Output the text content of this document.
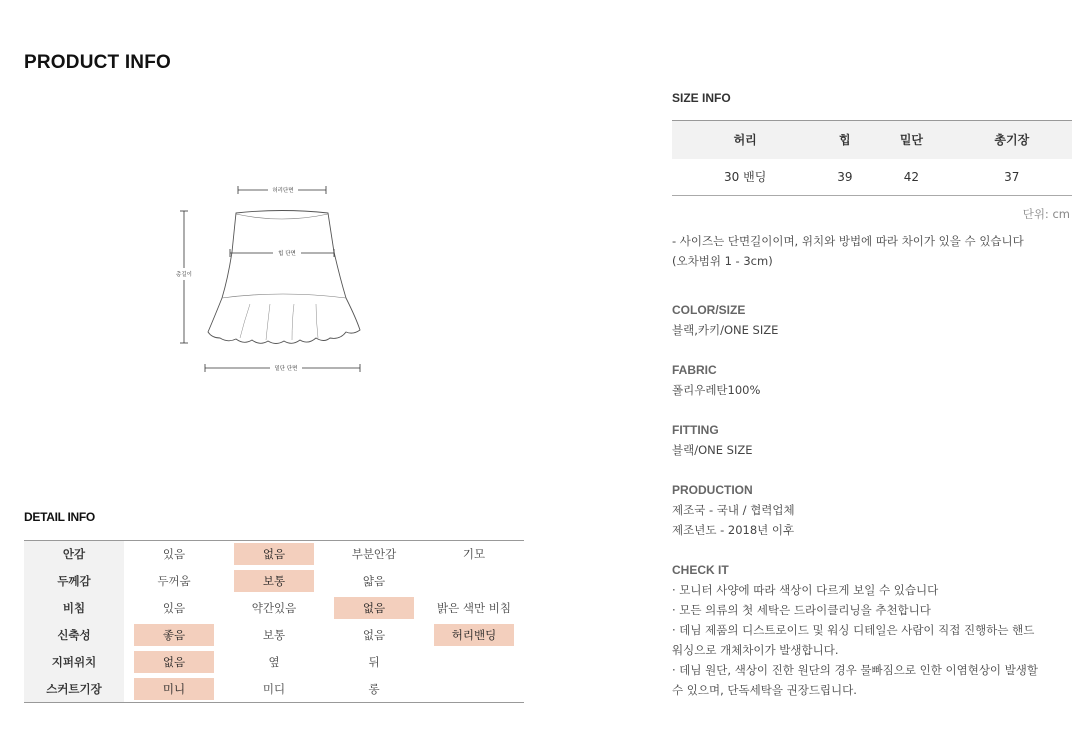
PRODUCT INFO
허리단면
총길이
힙 단면
밑단 단면
DETAIL INFO
안감	있음	없음	부분안감	기모
두께감	두꺼움	보통	얇음	
비침	있음	약간있음	없음	밝은 색만 비침
신축성	좋음	보통	없음	허리밴딩
지퍼위치	없음	옆	뒤	
스커트기장	미니	미디	롱	
SIZE INFO
허리	힙	밑단	총기장
30 밴딩	39	42	37
단위: cm
- 사이즈는 단면길이이며, 위치와 방법에 따라 차이가 있을 수 있습니다
(오차범위 1 - 3cm)
COLOR/SIZE
블랙,카키/ONE SIZE
FABRIC
폴리우레탄100%
FITTING
블랙/ONE SIZE
PRODUCTION
제조국 - 국내 / 협력업체
제조년도 - 2018년 이후
CHECK IT
· 모니터 사양에 따라 색상이 다르게 보일 수 있습니다
· 모든 의류의 첫 세탁은 드라이클리닝을 추천합니다
· 데님 제품의 디스트로이드 및 워싱 디테일은 사람이 직접 진행하는 핸드
워싱으로 개체차이가 발생합니다.
· 데님 원단, 색상이 진한 원단의 경우 물빠짐으로 인한 이염현상이 발생할
수 있으며, 단독세탁을 권장드립니다.
